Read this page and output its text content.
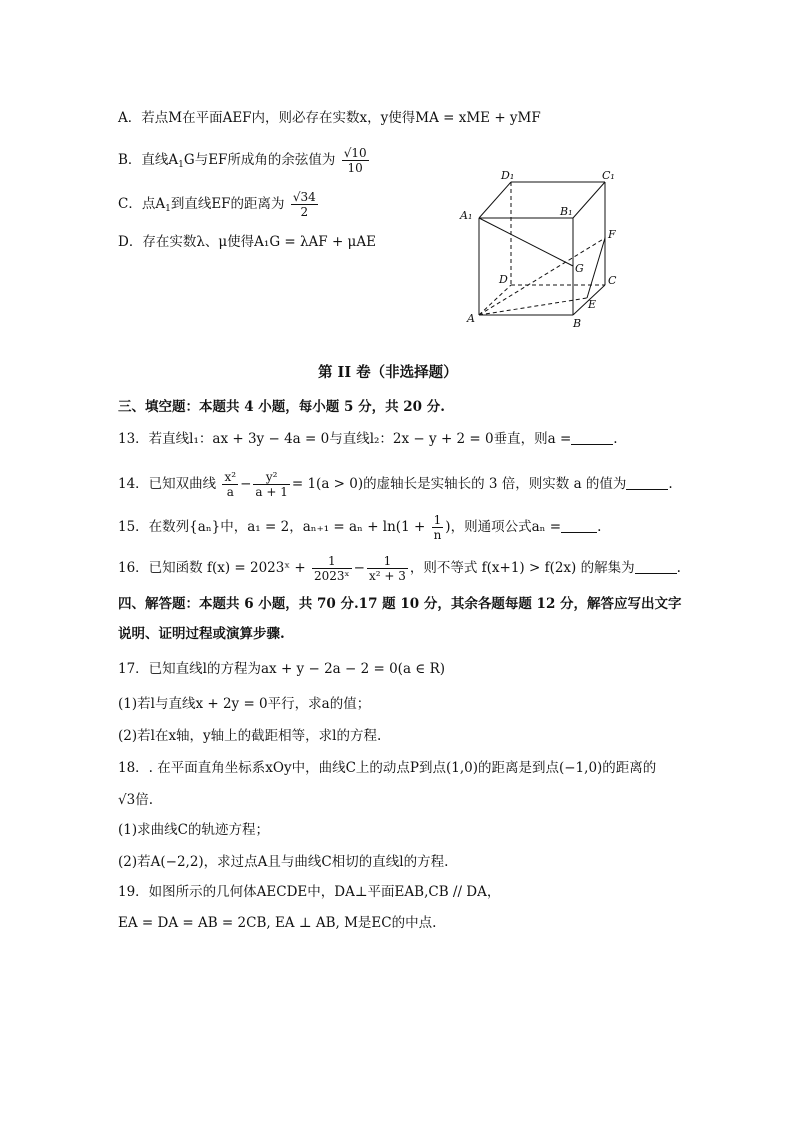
A．若点M在平面AEF内，则必存在实数x，y使得MA = xME + yMF
B．直线$A_1G$与EF所成角的余弦值为 $\frac{√10}{10}$
C．点$A_1$到直线EF的距离为 $\frac{√34}{2}$
D．存在实数λ、μ使得A₁G = λAF + μAE
D₁	C₁
A₁	B₁
F
G
D	C
E
A	B
第 II 卷（非选择题）
三、填空题：本题共 4 小题，每小题 5 分，共 20 分.
13．若直线l₁：ax + 3y − 4a = 0与直线l₂：2x − y + 2 = 0垂直，则a =	.
14．已知双曲线 $\frac{\text{x²}}{a} - \frac{\text{y²}}{a + 1} = 1(a > 0)$的虚轴长是实轴长的 3 倍，则实数 a 的值为	.
15．在数列{aₙ}中，a₁ = 2，$a_{n+1} = a_n + \ln(1 + \frac{1}{n}$ )，则通项公式aₙ =	.
16．已知函数 f(x) = 2023ˣ + $\frac{1}{\text{2023ˣ}} - \frac{1}{\text{x² + 3}}$ ，则不等式 f(x+1) > f(2x) 的解集为	.
四、解答题：本题共 6 小题，共 70 分.17 题 10 分，其余各题每题 12 分，解答应写出文字
说明、证明过程或演算步骤.
17．已知直线l的方程为ax + y − 2a − 2 = 0(a ∈ R)
(1)若l与直线x + 2y = 0平行，求a的值；
(2)若l在x轴，y轴上的截距相等，求l的方程.
18．. 在平面直角坐标系xOy中，曲线C上的动点P到点(1,0)的距离是到点(−1,0)的距离的
√3倍.
(1)求曲线C的轨迹方程；
(2)若A(−2,2)，求过点A且与曲线C相切的直线l的方程.
19．如图所示的几何体AECDE中，DA⊥平面EAB,CB // DA，
EA = DA = AB = 2CB, EA ⊥ AB, M是EC的中点.
